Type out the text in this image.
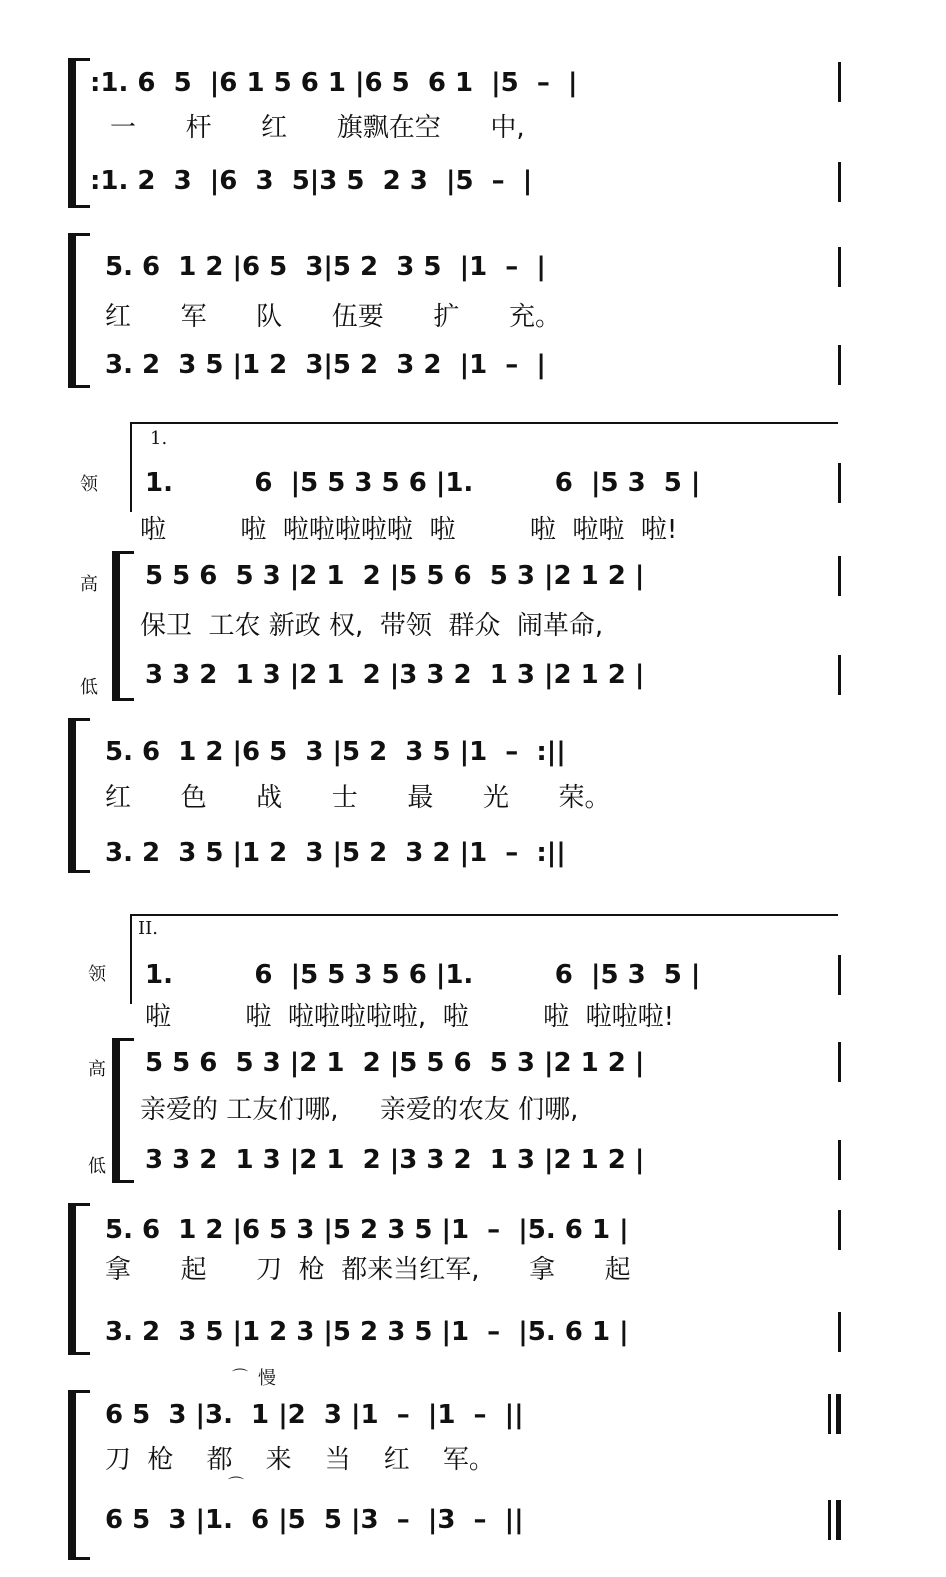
:1. 6  5  |6 1 5 6 1 |6 5  6 1  |5  –  |
一      杆      红      旗飘在空      中,
:1. 2  3  |6  3  5|3 5  2 3  |5  –  |
5. 6  1 2 |6 5  3|5 2  3 5  |1  –  |
红      军      队      伍要      扩      充。
3. 2  3 5 |1 2  3|5 2  3 2  |1  –  |
1.
领
高
低
1.         6  |5 5 3 5 6 |1.         6  |5 3  5 |
啦         啦  啦啦啦啦啦  啦         啦  啦啦  啦!
5 5 6  5 3 |2 1  2 |5 5 6  5 3 |2 1 2 |
保卫  工农 新政 权,  带领  群众  闹革命,
3 3 2  1 3 |2 1  2 |3 3 2  1 3 |2 1 2 |
5. 6  1 2 |6 5  3 |5 2  3 5 |1  –  :||
红      色      战      士      最      光      荣。
3. 2  3 5 |1 2  3 |5 2  3 2 |1  –  :||
II.
领
高
低
1.         6  |5 5 3 5 6 |1.         6  |5 3  5 |
啦         啦  啦啦啦啦啦,  啦         啦  啦啦啦!
5 5 6  5 3 |2 1  2 |5 5 6  5 3 |2 1 2 |
亲爱的 工友们哪,     亲爱的农友 们哪,
3 3 2  1 3 |2 1  2 |3 3 2  1 3 |2 1 2 |
5. 6  1 2 |6 5 3 |5 2 3 5 |1  –  |5. 6 1 |
拿      起      刀  枪  都来当红军,      拿      起
3. 2  3 5 |1 2 3 |5 2 3 5 |1  –  |5. 6 1 |
⌒ 慢
6 5  3 |3.  1 |2  3 |1  –  |1  –  ||
刀  枪    都    来    当    红    军。
⌒
6 5  3 |1.  6 |5  5 |3  –  |3  –  ||
